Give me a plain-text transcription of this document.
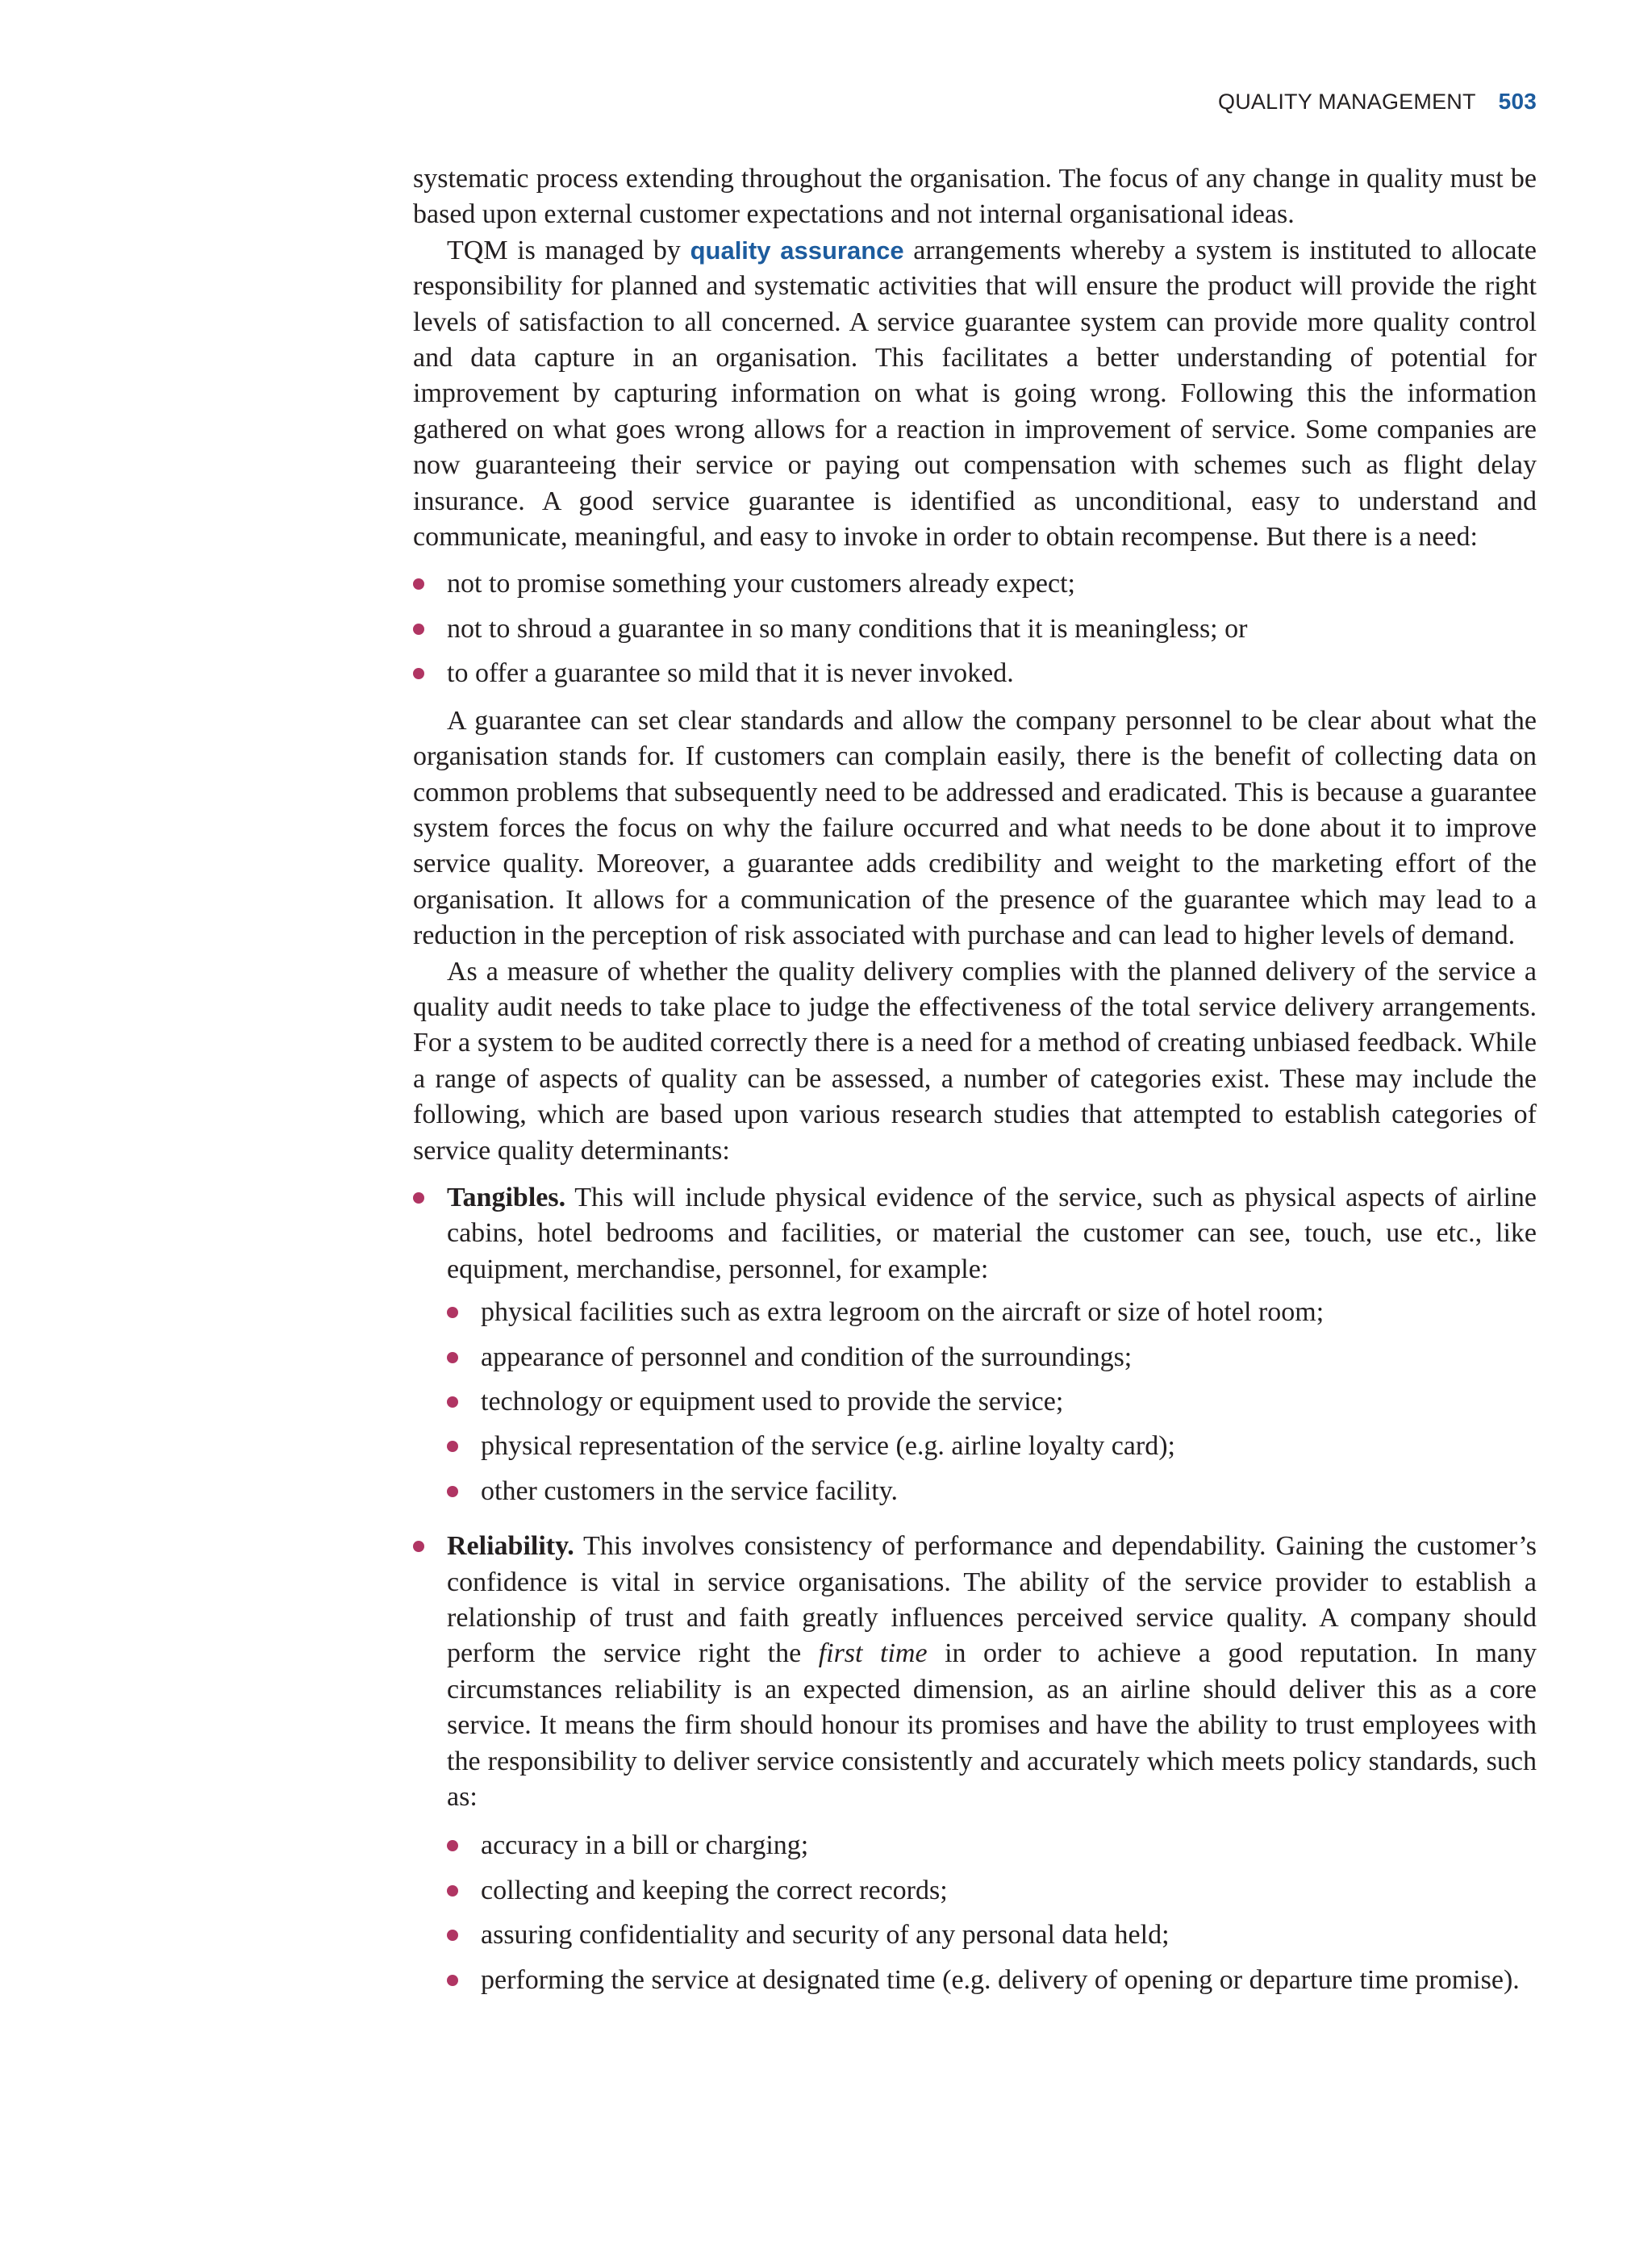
QUALITY MANAGEMENT 503

systematic process extending throughout the organisation. The focus of any change in quality must be based upon external customer expectations and not internal organisational ideas.

TQM is managed by quality assurance arrangements whereby a system is instituted to allocate responsibility for planned and systematic activities that will ensure the product will provide the right levels of satisfaction to all concerned. A service guarantee system can provide more quality control and data capture in an organisation. This facilitates a better understanding of potential for improvement by capturing information on what is going wrong. Following this the information gathered on what goes wrong allows for a reaction in improvement of service. Some companies are now guaranteeing their service or paying out compensation with schemes such as flight delay insurance. A good service guarantee is identified as unconditional, easy to understand and communicate, meaningful, and easy to invoke in order to obtain recompense. But there is a need:

not to promise something your customers already expect;
not to shroud a guarantee in so many conditions that it is meaningless; or
to offer a guarantee so mild that it is never invoked.

A guarantee can set clear standards and allow the company personnel to be clear about what the organisation stands for. If customers can complain easily, there is the benefit of collecting data on common problems that subsequently need to be addressed and eradicated. This is because a guarantee system forces the focus on why the failure occurred and what needs to be done about it to improve service quality. Moreover, a guarantee adds credibility and weight to the marketing effort of the organisation. It allows for a communication of the presence of the guarantee which may lead to a reduction in the perception of risk associated with purchase and can lead to higher levels of demand.

As a measure of whether the quality delivery complies with the planned delivery of the service a quality audit needs to take place to judge the effectiveness of the total service delivery arrangements. For a system to be audited correctly there is a need for a method of creating unbiased feedback. While a range of aspects of quality can be assessed, a number of categories exist. These may include the following, which are based upon various research studies that attempted to establish categories of service quality determinants:

Tangibles. This will include physical evidence of the service, such as physical aspects of airline cabins, hotel bedrooms and facilities, or material the customer can see, touch, use etc., like equipment, merchandise, personnel, for example:
physical facilities such as extra legroom on the aircraft or size of hotel room;
appearance of personnel and condition of the surroundings;
technology or equipment used to provide the service;
physical representation of the service (e.g. airline loyalty card);
other customers in the service facility.
Reliability. This involves consistency of performance and dependability. Gaining the customer’s confidence is vital in service organisations. The ability of the service provider to establish a relationship of trust and faith greatly influences perceived service quality. A company should perform the service right the first time in order to achieve a good reputation. In many circumstances reliability is an expected dimension, as an airline should deliver this as a core service. It means the firm should honour its promises and have the ability to trust employees with the responsibility to deliver service consistently and accurately which meets policy standards, such as:
accuracy in a bill or charging;
collecting and keeping the correct records;
assuring confidentiality and security of any personal data held;
performing the service at designated time (e.g. delivery of opening or departure time promise).
